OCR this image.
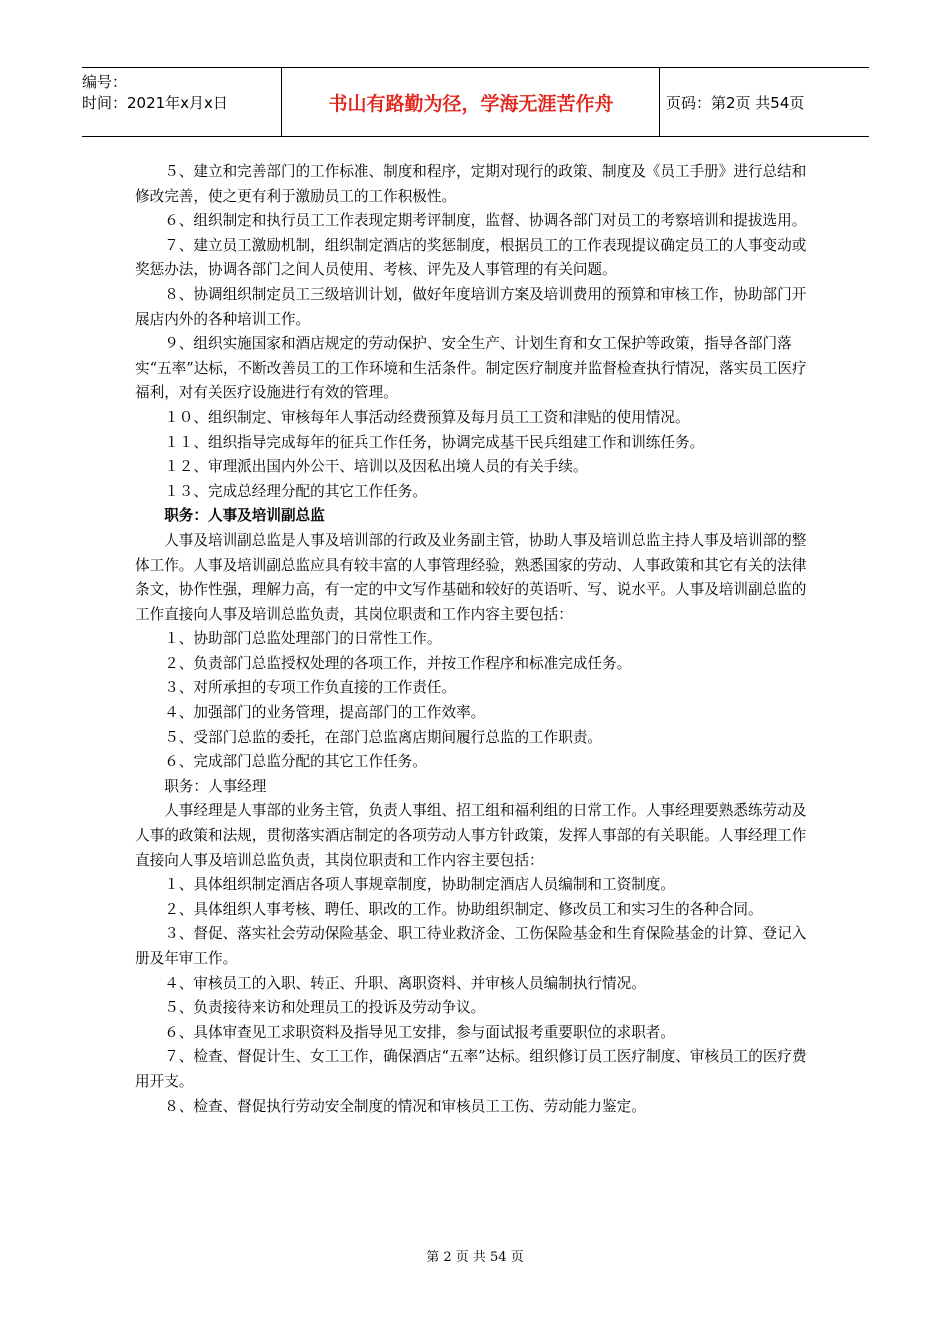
编号：
时间：2021年x月x日	书山有路勤为径，学海无涯苦作舟	页码：第2页 共54页

５、建立和完善部门的工作标准、制度和程序，定期对现行的政策、制度及《员工手册》进行总结和修改完善，使之更有利于激励员工的工作积极性。

６、组织制定和执行员工工作表现定期考评制度，监督、协调各部门对员工的考察培训和提拔选用。

７、建立员工激励机制，组织制定酒店的奖惩制度，根据员工的工作表现提议确定员工的人事变动或奖惩办法，协调各部门之间人员使用、考核、评先及人事管理的有关问题。

８、协调组织制定员工三级培训计划，做好年度培训方案及培训费用的预算和审核工作，协助部门开展店内外的各种培训工作。

９、组织实施国家和酒店规定的劳动保护、安全生产、计划生育和女工保护等政策，指导各部门落实“五率”达标，不断改善员工的工作环境和生活条件。制定医疗制度并监督检查执行情况，落实员工医疗福利，对有关医疗设施进行有效的管理。

１０、组织制定、审核每年人事活动经费预算及每月员工工资和津贴的使用情况。

１１、组织指导完成每年的征兵工作任务，协调完成基干民兵组建工作和训练任务。

１２、审理派出国内外公干、培训以及因私出境人员的有关手续。

１３、完成总经理分配的其它工作任务。

职务：人事及培训副总监

人事及培训副总监是人事及培训部的行政及业务副主管，协助人事及培训总监主持人事及培训部的整体工作。人事及培训副总监应具有较丰富的人事管理经验，熟悉国家的劳动、人事政策和其它有关的法律条文，协作性强，理解力高，有一定的中文写作基础和较好的英语听、写、说水平。人事及培训副总监的工作直接向人事及培训总监负责，其岗位职责和工作内容主要包括：

１、协助部门总监处理部门的日常性工作。

２、负责部门总监授权处理的各项工作，并按工作程序和标准完成任务。

３、对所承担的专项工作负直接的工作责任。

４、加强部门的业务管理，提高部门的工作效率。

５、受部门总监的委托，在部门总监离店期间履行总监的工作职责。

６、完成部门总监分配的其它工作任务。

职务：人事经理

人事经理是人事部的业务主管，负责人事组、招工组和福利组的日常工作。人事经理要熟悉练劳动及人事的政策和法规，贯彻落实酒店制定的各项劳动人事方针政策，发挥人事部的有关职能。人事经理工作直接向人事及培训总监负责，其岗位职责和工作内容主要包括：

１、具体组织制定酒店各项人事规章制度，协助制定酒店人员编制和工资制度。

２、具体组织人事考核、聘任、职改的工作。协助组织制定、修改员工和实习生的各种合同。

３、督促、落实社会劳动保险基金、职工待业救济金、工伤保险基金和生育保险基金的计算、登记入册及年审工作。

４、审核员工的入职、转正、升职、离职资料、并审核人员编制执行情况。

５、负责接待来访和处理员工的投诉及劳动争议。

６、具体审查见工求职资料及指导见工安排，参与面试报考重要职位的求职者。

７、检查、督促计生、女工工作，确保酒店“五率”达标。组织修订员工医疗制度、审核员工的医疗费用开支。

８、检查、督促执行劳动安全制度的情况和审核员工工伤、劳动能力鉴定。

第 2 页 共 54 页
